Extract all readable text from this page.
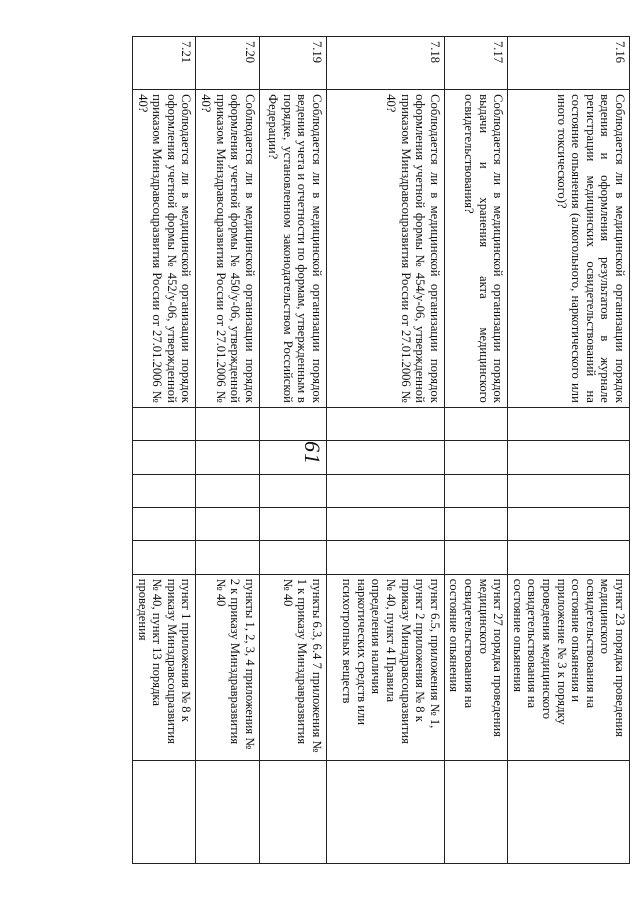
61
7.16	Соблюдается ли в медицинской организации порядок ведения и оформления результатов в журнале регистрации медицинских освидетельствований на состояние опьянения (алкогольного, наркотического или иного токсического)?						пункт 23 порядка проведения медицинского освидетельствования на состояние опьянения и приложение № 3 к порядку проведения медицинского освидетельствования на состояние опьянения	
7.17	Соблюдается ли в медицинской организации порядок выдачи и хранения акта медицинского освидетельствования?						пункт 27 порядка проведения медицинского освидетельствования на состояние опьянения	
7.18	Соблюдается ли в медицинской организации порядок оформления учетной формы № 454/у-06, утвержденной приказом Минздравсоцразвития России от 27.01.2006 № 40?						пункт 6.5, приложения № 1, пункт 2 приложения № 8 к приказу Минздравсоцразвития № 40, пункт 4 Правила определения наличия наркотических средств или психотропных веществ	
7.19	Соблюдается ли в медицинской организации порядок ведения учета и отчетности по формам, утвержденным в порядке, установленном законодательством Российской Федерации?						пункты 6.3, 6.4 7 приложения № 1 к приказу Минздравразвития № 40	
7.20	Соблюдается ли в медицинской организации порядок оформления учетной формы № 450/у-06, утвержденной приказом Минздравсоцразвития России от 27.01.2006 № 40?						пункты 1, 2, 3, 4 приложения № 2 к приказу Минздравразвития № 40	
7.21	Соблюдается ли в медицинской организации порядок оформления учетной формы № 452/у-06, утвержденной приказом Минздравсоцразвития России от 27.01.2006 № 40?						пункт 1 приложения № 8 к приказу Минздравсоцразвития № 40, пункт 13 порядка проведения	
